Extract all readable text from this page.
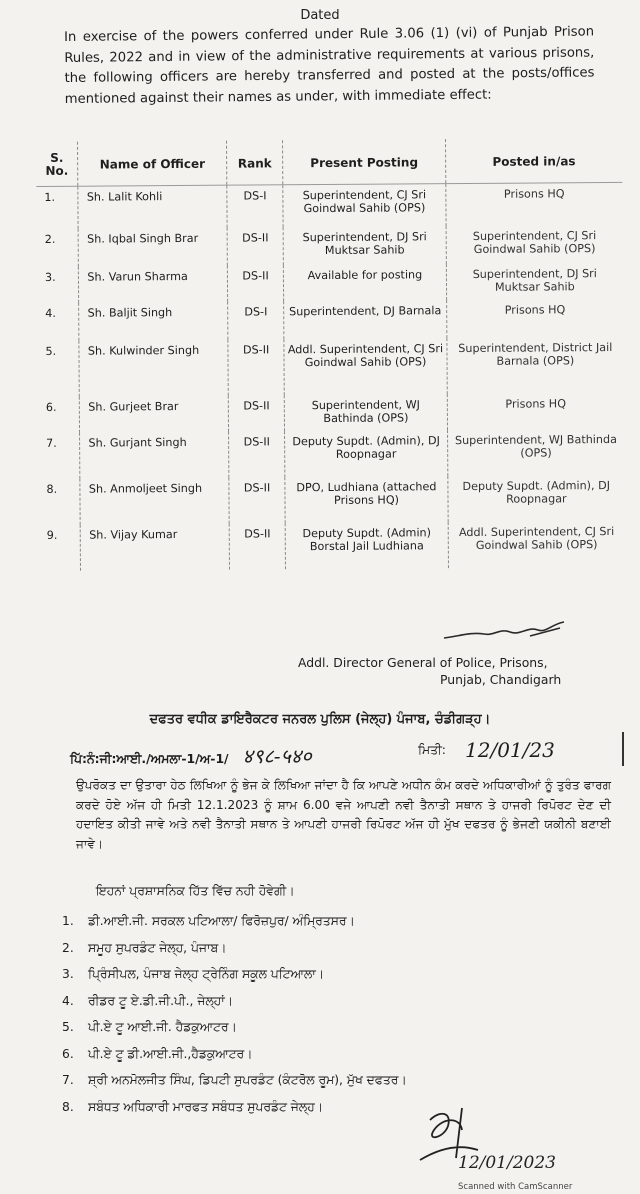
Dated
In exercise of the powers conferred under Rule 3.06 (1) (vi) of Punjab Prison Rules, 2022 and in view of the administrative requirements at various prisons, the following officers are hereby transferred and posted at the posts/offices mentioned against their names as under, with immediate effect:
S. No.	Name of Officer	Rank	Present Posting	Posted in/as
1.	Sh. Lalit Kohli	DS-I	Superintendent, CJ Sri Goindwal Sahib (OPS)	Prisons HQ
2.	Sh. Iqbal Singh Brar	DS-II	Superintendent, DJ Sri Muktsar Sahib	Superintendent, CJ Sri Goindwal Sahib (OPS)
3.	Sh. Varun Sharma	DS-II	Available for posting	Superintendent, DJ Sri Muktsar Sahib
4.	Sh. Baljit Singh	DS-I	Superintendent, DJ Barnala	Prisons HQ
5.	Sh. Kulwinder Singh	DS-II	Addl. Superintendent, CJ Sri Goindwal Sahib (OPS)	Superintendent, District Jail Barnala (OPS)
6.	Sh. Gurjeet Brar	DS-II	Superintendent, WJ Bathinda (OPS)	Prisons HQ
7.	Sh. Gurjant Singh	DS-II	Deputy Supdt. (Admin), DJ Roopnagar	Superintendent, WJ Bathinda (OPS)
8.	Sh. Anmoljeet Singh	DS-II	DPO, Ludhiana (attached Prisons HQ)	Deputy Supdt. (Admin), DJ Roopnagar
9.	Sh. Vijay Kumar	DS-II	Deputy Supdt. (Admin) Borstal Jail Ludhiana	Addl. Superintendent, CJ Sri Goindwal Sahib (OPS)
Addl. Director General of Police, Prisons,
Punjab, Chandigarh
ਦਫਤਰ ਵਧੀਕ ਡਾਇਰੈਕਟਰ ਜਨਰਲ ਪੁਲਿਸ (ਜੇਲ੍ਹ) ਪੰਜਾਬ, ਚੰਡੀਗੜ੍ਹ।
ਪਿੱ:ਨੰ:ਜੀ:ਆਈ./ਅਮਲਾ-1/ਅ-1/ ४९८-५४०	ਮਿਤੀ: 12/01/23
ਉਪਰੋਕਤ ਦਾ ਉਤਾਰਾ ਹੇਠ ਲਿਖਿਆ ਨੂੰ ਭੇਜ ਕੇ ਲਿਖਿਆ ਜਾਂਦਾ ਹੈ ਕਿ ਆਪਣੇ ਅਧੀਨ ਕੰਮ ਕਰਦੇ ਅਧਿਕਾਰੀਆਂ ਨੂੰ ਤੁਰੰਤ ਫਾਰਗ ਕਰਦੇ ਹੋਏ ਅੱਜ ਹੀ ਮਿਤੀ 12.1.2023 ਨੂੰ ਸ਼ਾਮ 6.00 ਵਜੇ ਆਪਣੀ ਨਵੀ ਤੈਨਾਤੀ ਸਥਾਨ ਤੇ ਹਾਜਰੀ ਰਿਪੋਰਟ ਦੇਣ ਦੀ ਹਦਾਇਤ ਕੀਤੀ ਜਾਵੇ ਅਤੇ ਨਵੀ ਤੈਨਾਤੀ ਸਥਾਨ ਤੇ ਆਪਣੀ ਹਾਜਰੀ ਰਿਪੋਰਟ ਅੱਜ ਹੀ ਮੁੱਖ ਦਫਤਰ ਨੂੰ ਭੇਜਣੀ ਯਕੀਨੀ ਬਣਾਈ ਜਾਵੇ।
ਇਹਨਾਂ ਪ੍ਰਸ਼ਾਸਨਿਕ ਹਿੱਤ ਵਿੱਚ ਨਹੀ ਹੋਵੇਗੀ।
1. ਡੀ.ਆਈ.ਜੀ. ਸਰਕਲ ਪਟਿਆਲਾ/ ਫਿਰੋਜ਼ਪੁਰ/ ਅੰਮ੍ਰਿਤਸਰ।
2. ਸਮੂਹ ਸੁਪਰਡੰਟ ਜੇਲ੍ਹ, ਪੰਜਾਬ।
3. ਪ੍ਰਿੰਸੀਪਲ, ਪੰਜਾਬ ਜੇਲ੍ਹ ਟ੍ਰੇਨਿੰਗ ਸਕੂਲ ਪਟਿਆਲਾ।
4. ਰੀਡਰ ਟੂ ਏ.ਡੀ.ਜੀ.ਪੀ., ਜੇਲ੍ਹਾਂ।
5. ਪੀ.ਏ ਟੂ ਆਈ.ਜੀ. ਹੈਡਕੁਆਟਰ।
6. ਪੀ.ਏ ਟੂ ਡੀ.ਆਈ.ਜੀ.,ਹੈਡਕੁਆਟਰ।
7. ਸ਼੍ਰੀ ਅਨਮੋਲਜੀਤ ਸਿੰਘ, ਡਿਪਟੀ ਸੁਪਰਡੰਟ (ਕੰਟਰੋਲ ਰੂਮ), ਮੁੱਖ ਦਫਤਰ।
8. ਸਬੰਧਤ ਅਧਿਕਾਰੀ ਮਾਰਫਤ ਸਬੰਧਤ ਸੁਪਰਡੰਟ ਜੇਲ੍ਹ।
12/01/2023
Scanned with CamScanner
